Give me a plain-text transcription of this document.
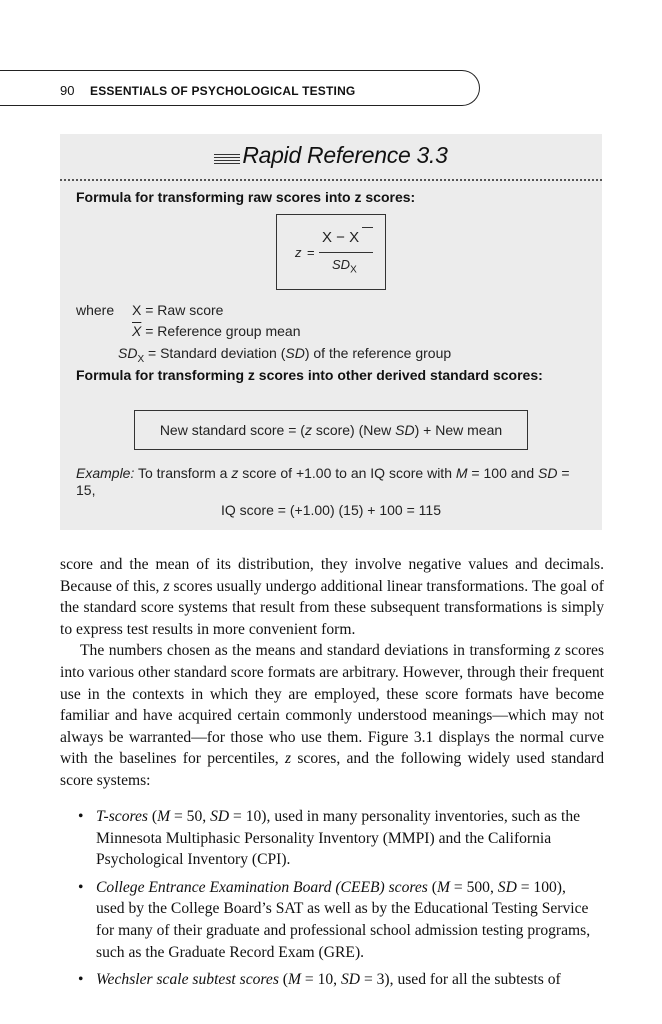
90 ESSENTIALS OF PSYCHOLOGICAL TESTING
Rapid Reference 3.3
Formula for transforming raw scores into z scores:
z =
X − X
$SD_X$
where X = Raw score
$\overline{X}$ = Reference group mean
$SD_X$ = Standard deviation (SD) of the reference group
Formula for transforming z scores into other derived standard scores:
New standard score = (z score) (New SD) + New mean
Example: To transform a z score of +1.00 to an IQ score with M = 100 and SD = 15,
IQ score = (+1.00) (15) + 100 = 115

score and the mean of its distribution, they involve negative values and decimals. Because of this, z scores usually undergo additional linear transformations. The goal of the standard score systems that result from these subsequent transformations is simply to express test results in more convenient form.

The numbers chosen as the means and standard deviations in transforming z scores into various other standard score formats are arbitrary. However, through their frequent use in the contexts in which they are employed, these score formats have become familiar and have acquired certain commonly understood meanings—which may not always be warranted—for those who use them. Figure 3.1 displays the normal curve with the baselines for percentiles, z scores, and the following widely used standard score systems:

• T-scores (M = 50, SD = 10), used in many personality inventories, such as the Minnesota Multiphasic Personality Inventory (MMPI) and the California Psychological Inventory (CPI).
• College Entrance Examination Board (CEEB) scores (M = 500, SD = 100), used by the College Board’s SAT as well as by the Educational Testing Service for many of their graduate and professional school admission testing programs, such as the Graduate Record Exam (GRE).
• Wechsler scale subtest scores (M = 10, SD = 3), used for all the subtests of
